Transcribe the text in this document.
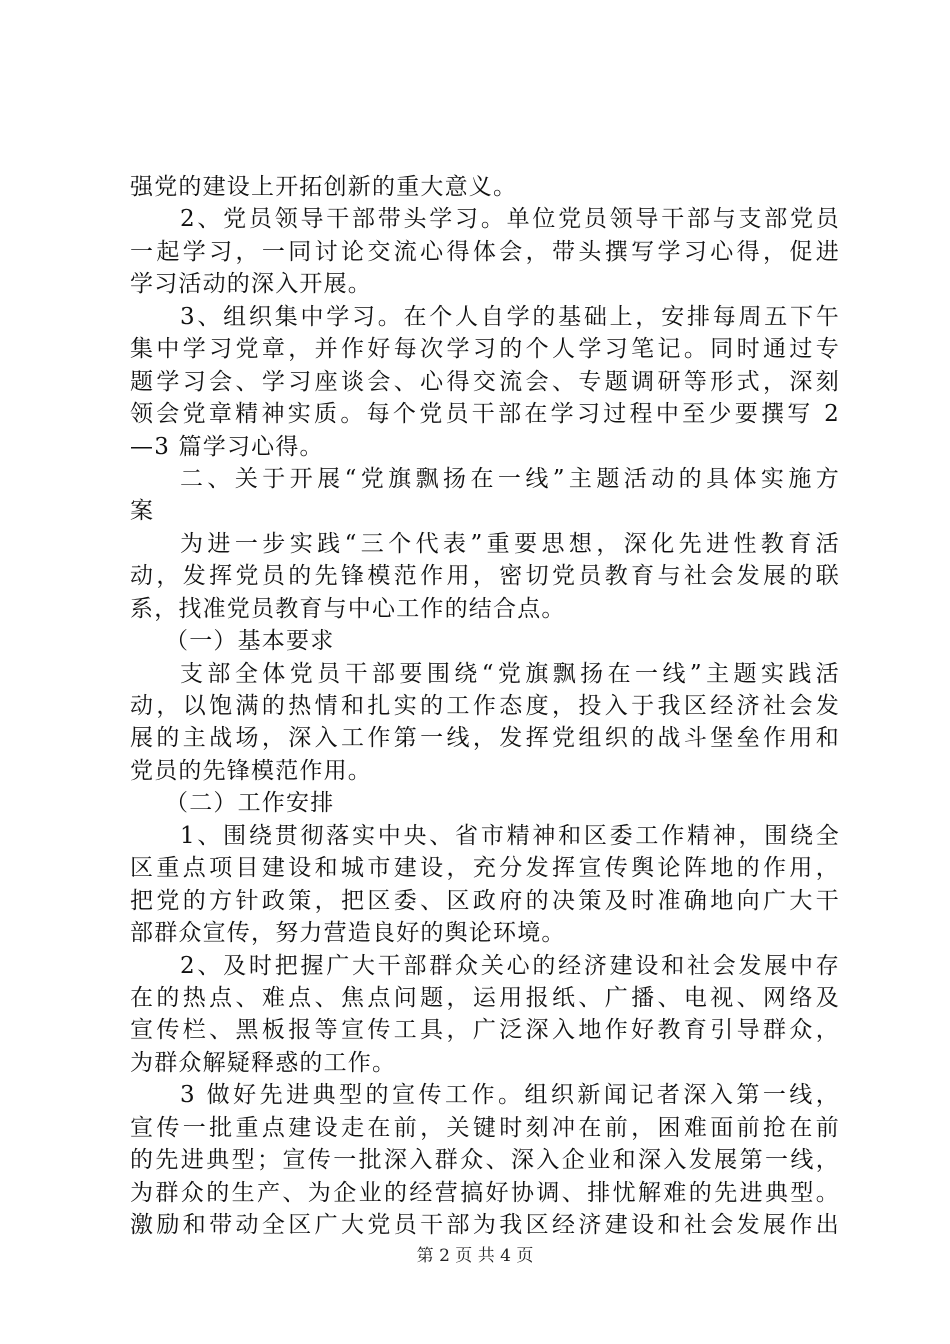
强党的建设上开拓创新的重大意义。
2、党员领导干部带头学习。单位党员领导干部与支部党员
一起学习，一同讨论交流心得体会，带头撰写学习心得，促进
学习活动的深入开展。
3、组织集中学习。在个人自学的基础上，安排每周五下午
集中学习党章，并作好每次学习的个人学习笔记。同时通过专
题学习会、学习座谈会、心得交流会、专题调研等形式，深刻
领会党章精神实质。每个党员干部在学习过程中至少要撰写 2
—3 篇学习心得。
二、关于开展“党旗飘扬在一线”主题活动的具体实施方
案
为进一步实践“三个代表”重要思想，深化先进性教育活
动，发挥党员的先锋模范作用，密切党员教育与社会发展的联
系，找准党员教育与中心工作的结合点。
（一）基本要求
支部全体党员干部要围绕“党旗飘扬在一线”主题实践活
动，以饱满的热情和扎实的工作态度，投入于我区经济社会发
展的主战场，深入工作第一线，发挥党组织的战斗堡垒作用和
党员的先锋模范作用。
（二）工作安排
1、围绕贯彻落实中央、省市精神和区委工作精神，围绕全
区重点项目建设和城市建设，充分发挥宣传舆论阵地的作用，
把党的方针政策，把区委、区政府的决策及时准确地向广大干
部群众宣传，努力营造良好的舆论环境。
2、及时把握广大干部群众关心的经济建设和社会发展中存
在的热点、难点、焦点问题，运用报纸、广播、电视、网络及
宣传栏、黑板报等宣传工具，广泛深入地作好教育引导群众，
为群众解疑释惑的工作。
3 做好先进典型的宣传工作。组织新闻记者深入第一线，
宣传一批重点建设走在前，关键时刻冲在前，困难面前抢在前
的先进典型；宣传一批深入群众、深入企业和深入发展第一线，
为群众的生产、为企业的经营搞好协调、排忧解难的先进典型。
激励和带动全区广大党员干部为我区经济建设和社会发展作出
第 2 页 共 4 页
